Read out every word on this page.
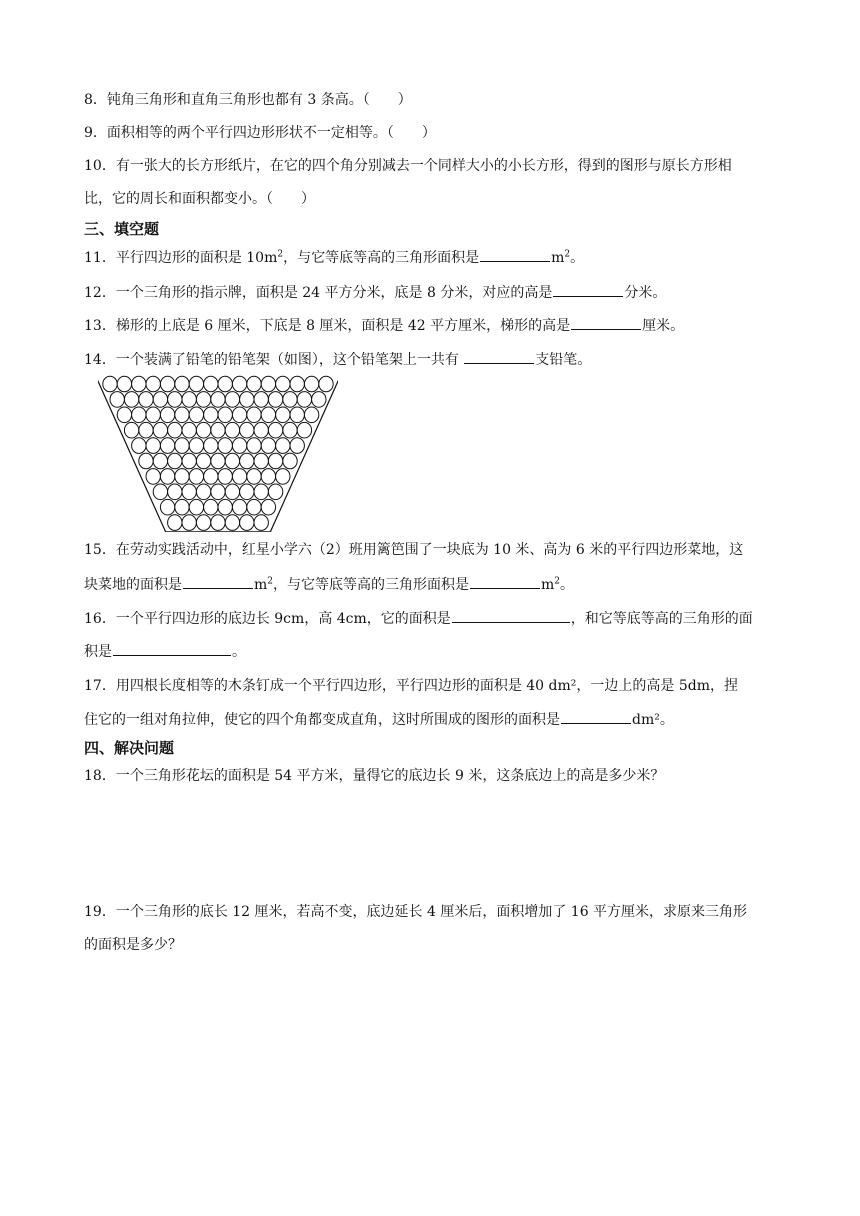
8．钝角三角形和直角三角形也都有 3 条高。（　　）
9．面积相等的两个平行四边形形状不一定相等。（　　）
10．有一张大的长方形纸片，在它的四个角分别减去一个同样大小的小长方形，得到的图形与原长方形相
比，它的周长和面积都变小。（　　）
三、填空题
11．平行四边形的面积是 $10m^2$，与它等底等高的三角形面积是	$m^2$。
12．一个三角形的指示牌，面积是 24 平方分米，底是 8 分米，对应的高是	分米。
13．梯形的上底是 6 厘米，下底是 8 厘米，面积是 42 平方厘米，梯形的高是	厘米。
14．一个装满了铅笔的铅笔架（如图），这个铅笔架上一共有	支铅笔。
15．在劳动实践活动中，红星小学六（2）班用篱笆围了一块底为 10 米、高为 6 米的平行四边形菜地，这
块菜地的面积是	$m^2$，与它等底等高的三角形面积是	$m^2$。
16．一个平行四边形的底边长 9cm，高 4cm，它的面积是	，和它等底等高的三角形的面
积是	。
17．用四根长度相等的木条钉成一个平行四边形，平行四边形的面积是 40 dm²，一边上的高是 5dm，捏
住它的一组对角拉伸，使它的四个角都变成直角，这时所围成的图形的面积是	dm²。
四、解决问题
18．一个三角形花坛的面积是 54 平方米，量得它的底边长 9 米，这条底边上的高是多少米？
19．一个三角形的底长 12 厘米，若高不变，底边延长 4 厘米后，面积增加了 16 平方厘米，求原来三角形
的面积是多少？
